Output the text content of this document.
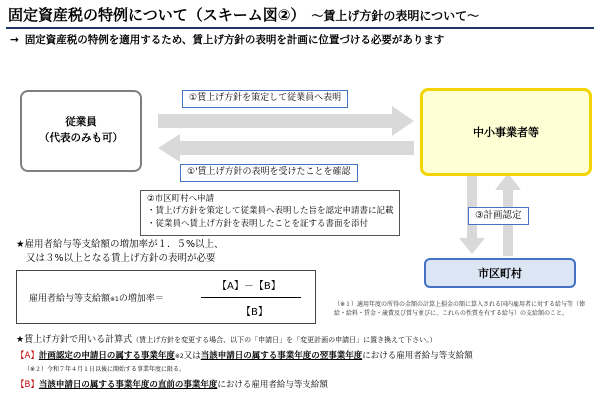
固定資産税の特例について（スキーム図②） ～賃上げ方針の表明について～
→ 固定資産税の特例を適用するため、賃上げ方針の表明を計画に位置づける必要があります
従業員
（代表のみも可）	中小事業者等
市区町村
①賃上げ方針を策定して従業員へ表明
①'賃上げ方針の表明を受けたことを確認
③計画認定
②市区町村へ申請
・賃上げ方針を策定して従業員へ表明した旨を認定申請書に記載
・従業員へ賃上げ方針を表明したことを証する書面を添付
★雇用者給与等支給額の増加率が１．５%以上、
又は３%以上となる賃上げ方針の表明が必要
雇用者給与等支給額※1の増加率＝
【A】－【B】
【B】
（※１）適用年度の所得の金額の計算上損金の額に算入される国内雇用者に対する給与等（俸給・給料・賃金・歳費及び賞与並びに、これらの性質を有する給与）の支給額のこと。
★賃上げ方針で用いる計算式（賃上げ方針を変更する場合、以下の「申請日」を「変更計画の申請日」に置き換えて下さい。）
【A】計画認定の申請日の属する事業年度※2又は当該申請日の属する事業年度の翌事業年度における雇用者給与等支給額
（※２）令和７年４月１日以後に開始する事業年度に限る。
【B】当該申請日の属する事業年度の直前の事業年度における雇用者給与等支給額
